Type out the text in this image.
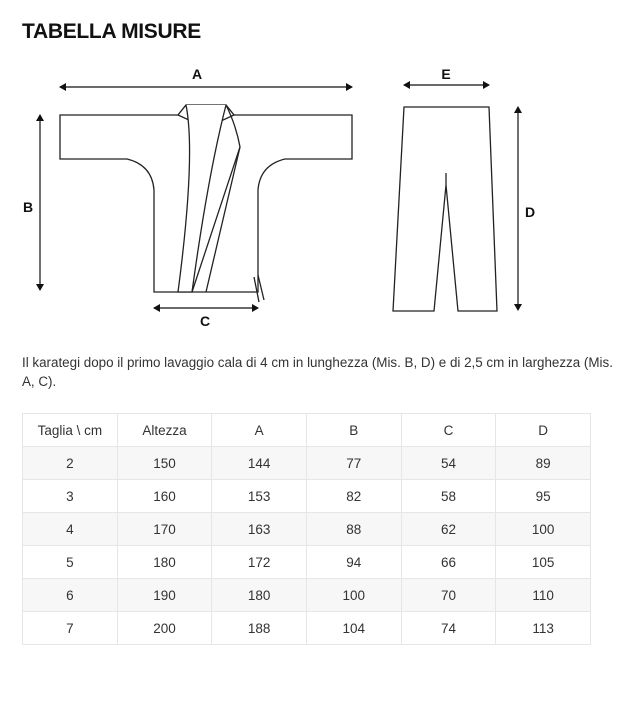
TABELLA MISURE
A
B
C
E
D

Il karategi dopo il primo lavaggio cala di 4 cm in lunghezza (Mis. B, D) e di 2,5 cm in larghezza (Mis. A, C).

Taglia \ cm	Altezza	A	B	C	D
2	150	144	77	54	89
3	160	153	82	58	95
4	170	163	88	62	100
5	180	172	94	66	105
6	190	180	100	70	110
7	200	188	104	74	113
